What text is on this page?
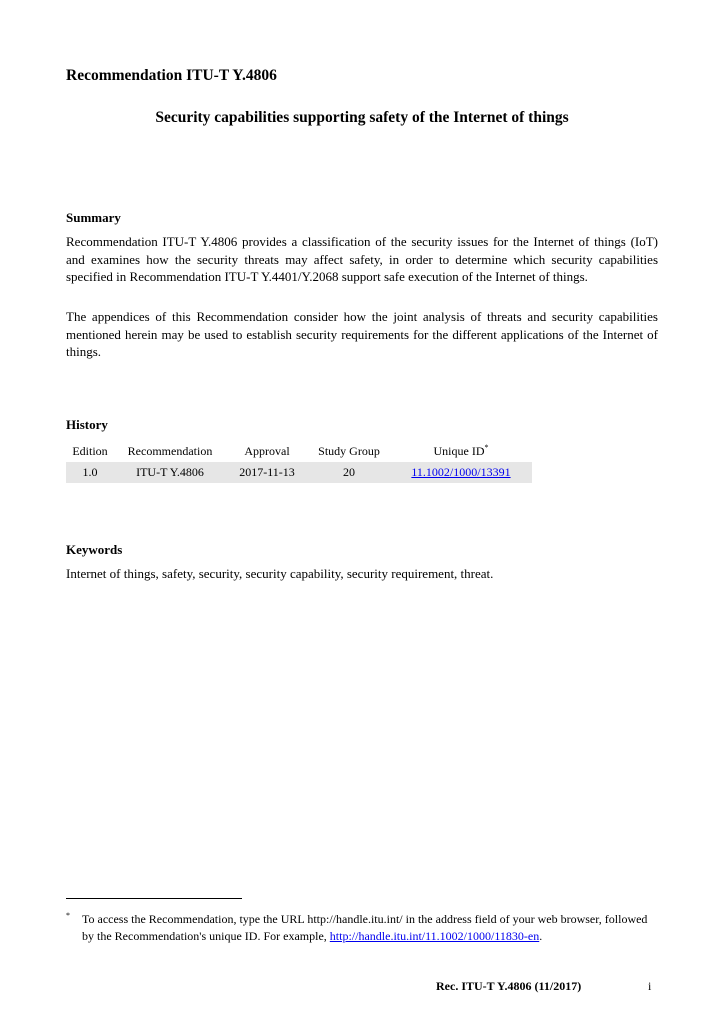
Recommendation ITU-T Y.4806
Security capabilities supporting safety of the Internet of things
Summary
Recommendation ITU-T Y.4806 provides a classification of the security issues for the Internet of things (IoT) and examines how the security threats may affect safety, in order to determine which security capabilities specified in Recommendation ITU-T Y.4401/Y.2068 support safe execution of the Internet of things.
The appendices of this Recommendation consider how the joint analysis of threats and security capabilities mentioned herein may be used to establish security requirements for the different applications of the Internet of things.
History
Edition	Recommendation	Approval	Study Group	Unique ID*
1.0	ITU-T Y.4806	2017-11-13	20	11.1002/1000/13391
Keywords
Internet of things, safety, security, security capability, security requirement, threat.
* To access the Recommendation, type the URL http://handle.itu.int/ in the address field of your web browser, followed by the Recommendation's unique ID. For example, http://handle.itu.int/11.1002/1000/11830-en.
Rec. ITU-T Y.4806 (11/2017)	i
